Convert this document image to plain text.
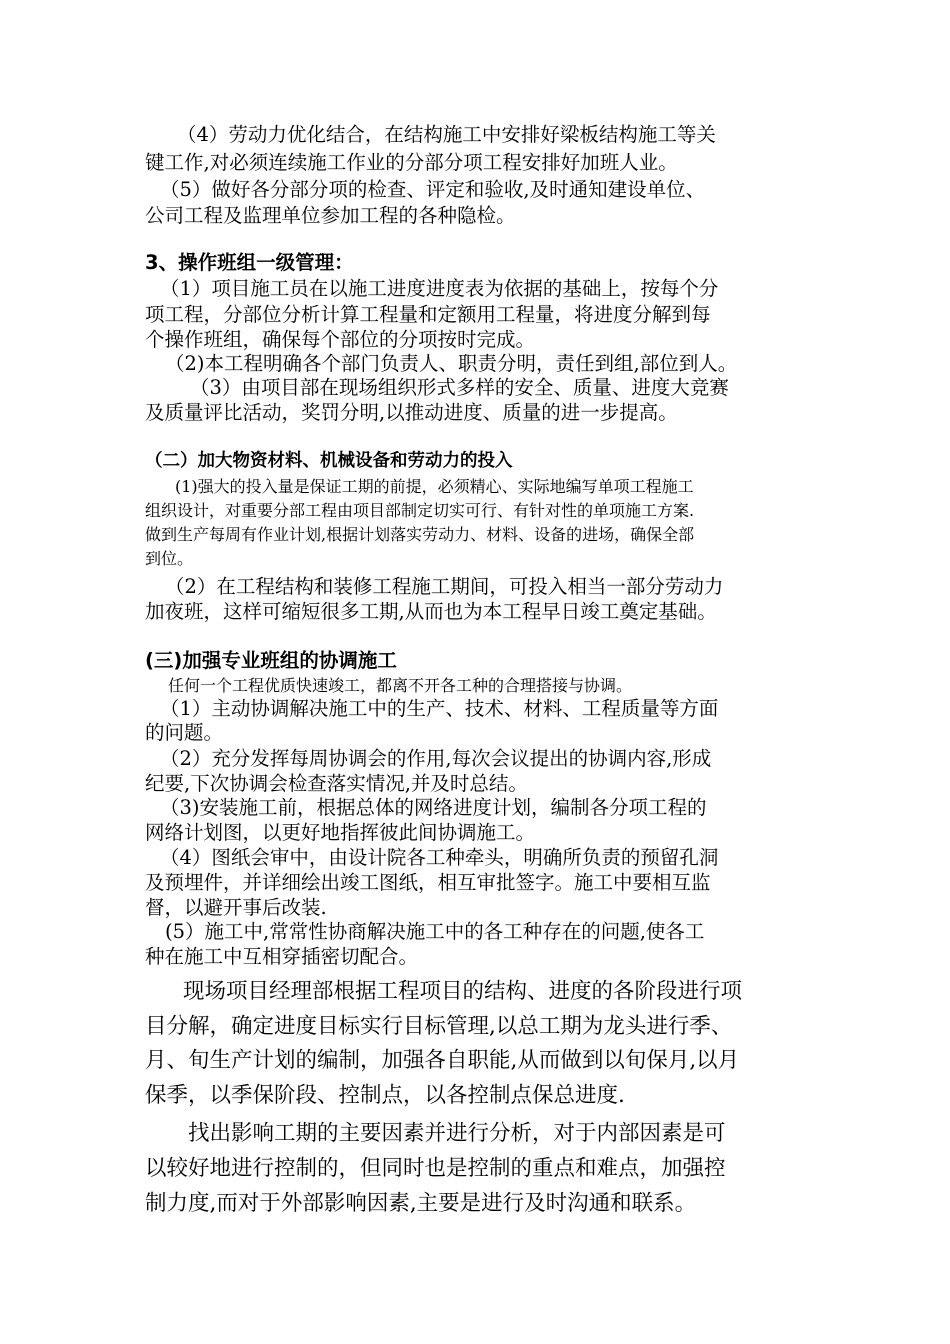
（4）劳动力优化结合，在结构施工中安排好梁板结构施工等关

键工作,对必须连续施工作业的分部分项工程安排好加班人业。

（5）做好各分部分项的检查、评定和验收,及时通知建设单位、

公司工程及监理单位参加工程的各种隐检。

3、操作班组一级管理：

（1）项目施工员在以施工进度进度表为依据的基础上，按每个分

项工程，分部位分析计算工程量和定额用工程量，将进度分解到每

个操作班组，确保每个部位的分项按时完成。

（2)本工程明确各个部门负责人、职责分明，责任到组,部位到人。

（3）由项目部在现场组织形式多样的安全、质量、进度大竞赛

及质量评比活动，奖罚分明,以推动进度、质量的进一步提高。

（二）加大物资材料、机械设备和劳动力的投入

(1)强大的投入量是保证工期的前提，必须精心、实际地编写单项工程施工

组织设计，对重要分部工程由项目部制定切实可行、有针对性的单项施工方案.

做到生产每周有作业计划,根据计划落实劳动力、材料、设备的进场，确保全部

到位。

（2）在工程结构和装修工程施工期间，可投入相当一部分劳动力

加夜班，这样可缩短很多工期,从而也为本工程早日竣工奠定基础。

(三)加强专业班组的协调施工

任何一个工程优质快速竣工，都离不开各工种的合理搭接与协调。

（1）主动协调解决施工中的生产、技术、材料、工程质量等方面

的问题。

（2）充分发挥每周协调会的作用,每次会议提出的协调内容,形成

纪要,下次协调会检查落实情况,并及时总结。

（3)安装施工前，根据总体的网络进度计划，编制各分项工程的

网络计划图，以更好地指挥彼此间协调施工。

（4）图纸会审中，由设计院各工种牵头，明确所负责的预留孔洞

及预埋件，并详细绘出竣工图纸，相互审批签字。施工中要相互监

督，以避开事后改装.

(5）施工中,常常性协商解决施工中的各工种存在的问题,使各工

种在施工中互相穿插密切配合。

现场项目经理部根据工程项目的结构、进度的各阶段进行项

目分解，确定进度目标实行目标管理,以总工期为龙头进行季、

月、旬生产计划的编制，加强各自职能,从而做到以旬保月,以月

保季，以季保阶段、控制点，以各控制点保总进度.

找出影响工期的主要因素并进行分析，对于内部因素是可

以较好地进行控制的，但同时也是控制的重点和难点，加强控

制力度,而对于外部影响因素,主要是进行及时沟通和联系。
